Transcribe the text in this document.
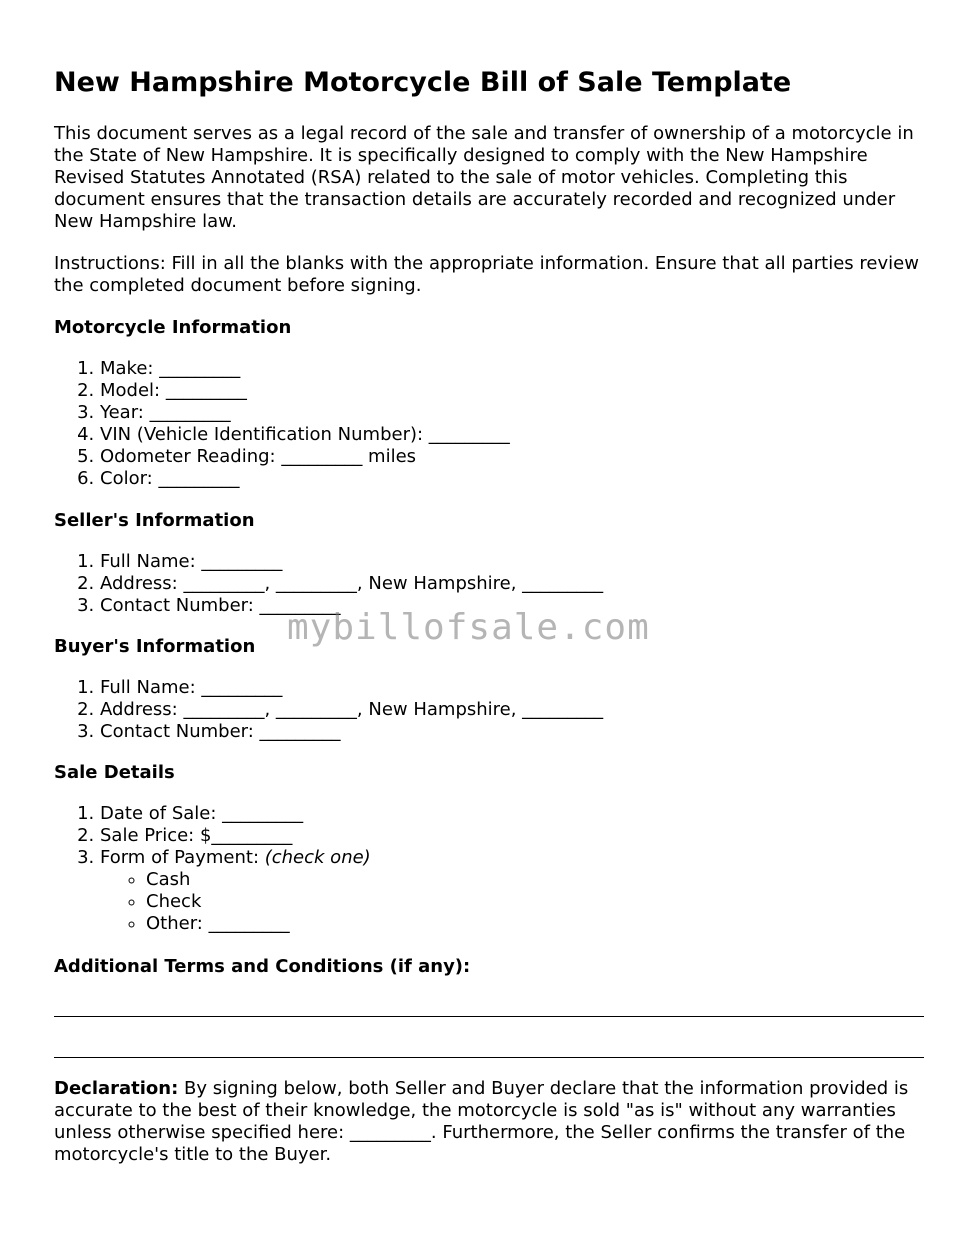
New Hampshire Motorcycle Bill of Sale Template

This document serves as a legal record of the sale and transfer of ownership of a motorcycle in the State of New Hampshire. It is specifically designed to comply with the New Hampshire Revised Statutes Annotated (RSA) related to the sale of motor vehicles. Completing this document ensures that the transaction details are accurately recorded and recognized under New Hampshire law.

Instructions: Fill in all the blanks with the appropriate information. Ensure that all parties review the completed document before signing.

Motorcycle Information

1. Make: _________
2. Model: _________
3. Year: _________
4. VIN (Vehicle Identification Number): _________
5. Odometer Reading: _________ miles
6. Color: _________

Seller's Information

1. Full Name: _________
2. Address: _________, _________, New Hampshire, _________
3. Contact Number: _________

Buyer's Information

1. Full Name: _________
2. Address: _________, _________, New Hampshire, _________
3. Contact Number: _________

Sale Details

1. Date of Sale: _________
2. Sale Price: $_________
3. Form of Payment: (check one)
◦ Cash
◦ Check
◦ Other: _________

Additional Terms and Conditions (if any):

Declaration: By signing below, both Seller and Buyer declare that the information provided is accurate to the best of their knowledge, the motorcycle is sold "as is" without any warranties unless otherwise specified here: _________. Furthermore, the Seller confirms the transfer of the motorcycle's title to the Buyer.

mybillofsale.com
